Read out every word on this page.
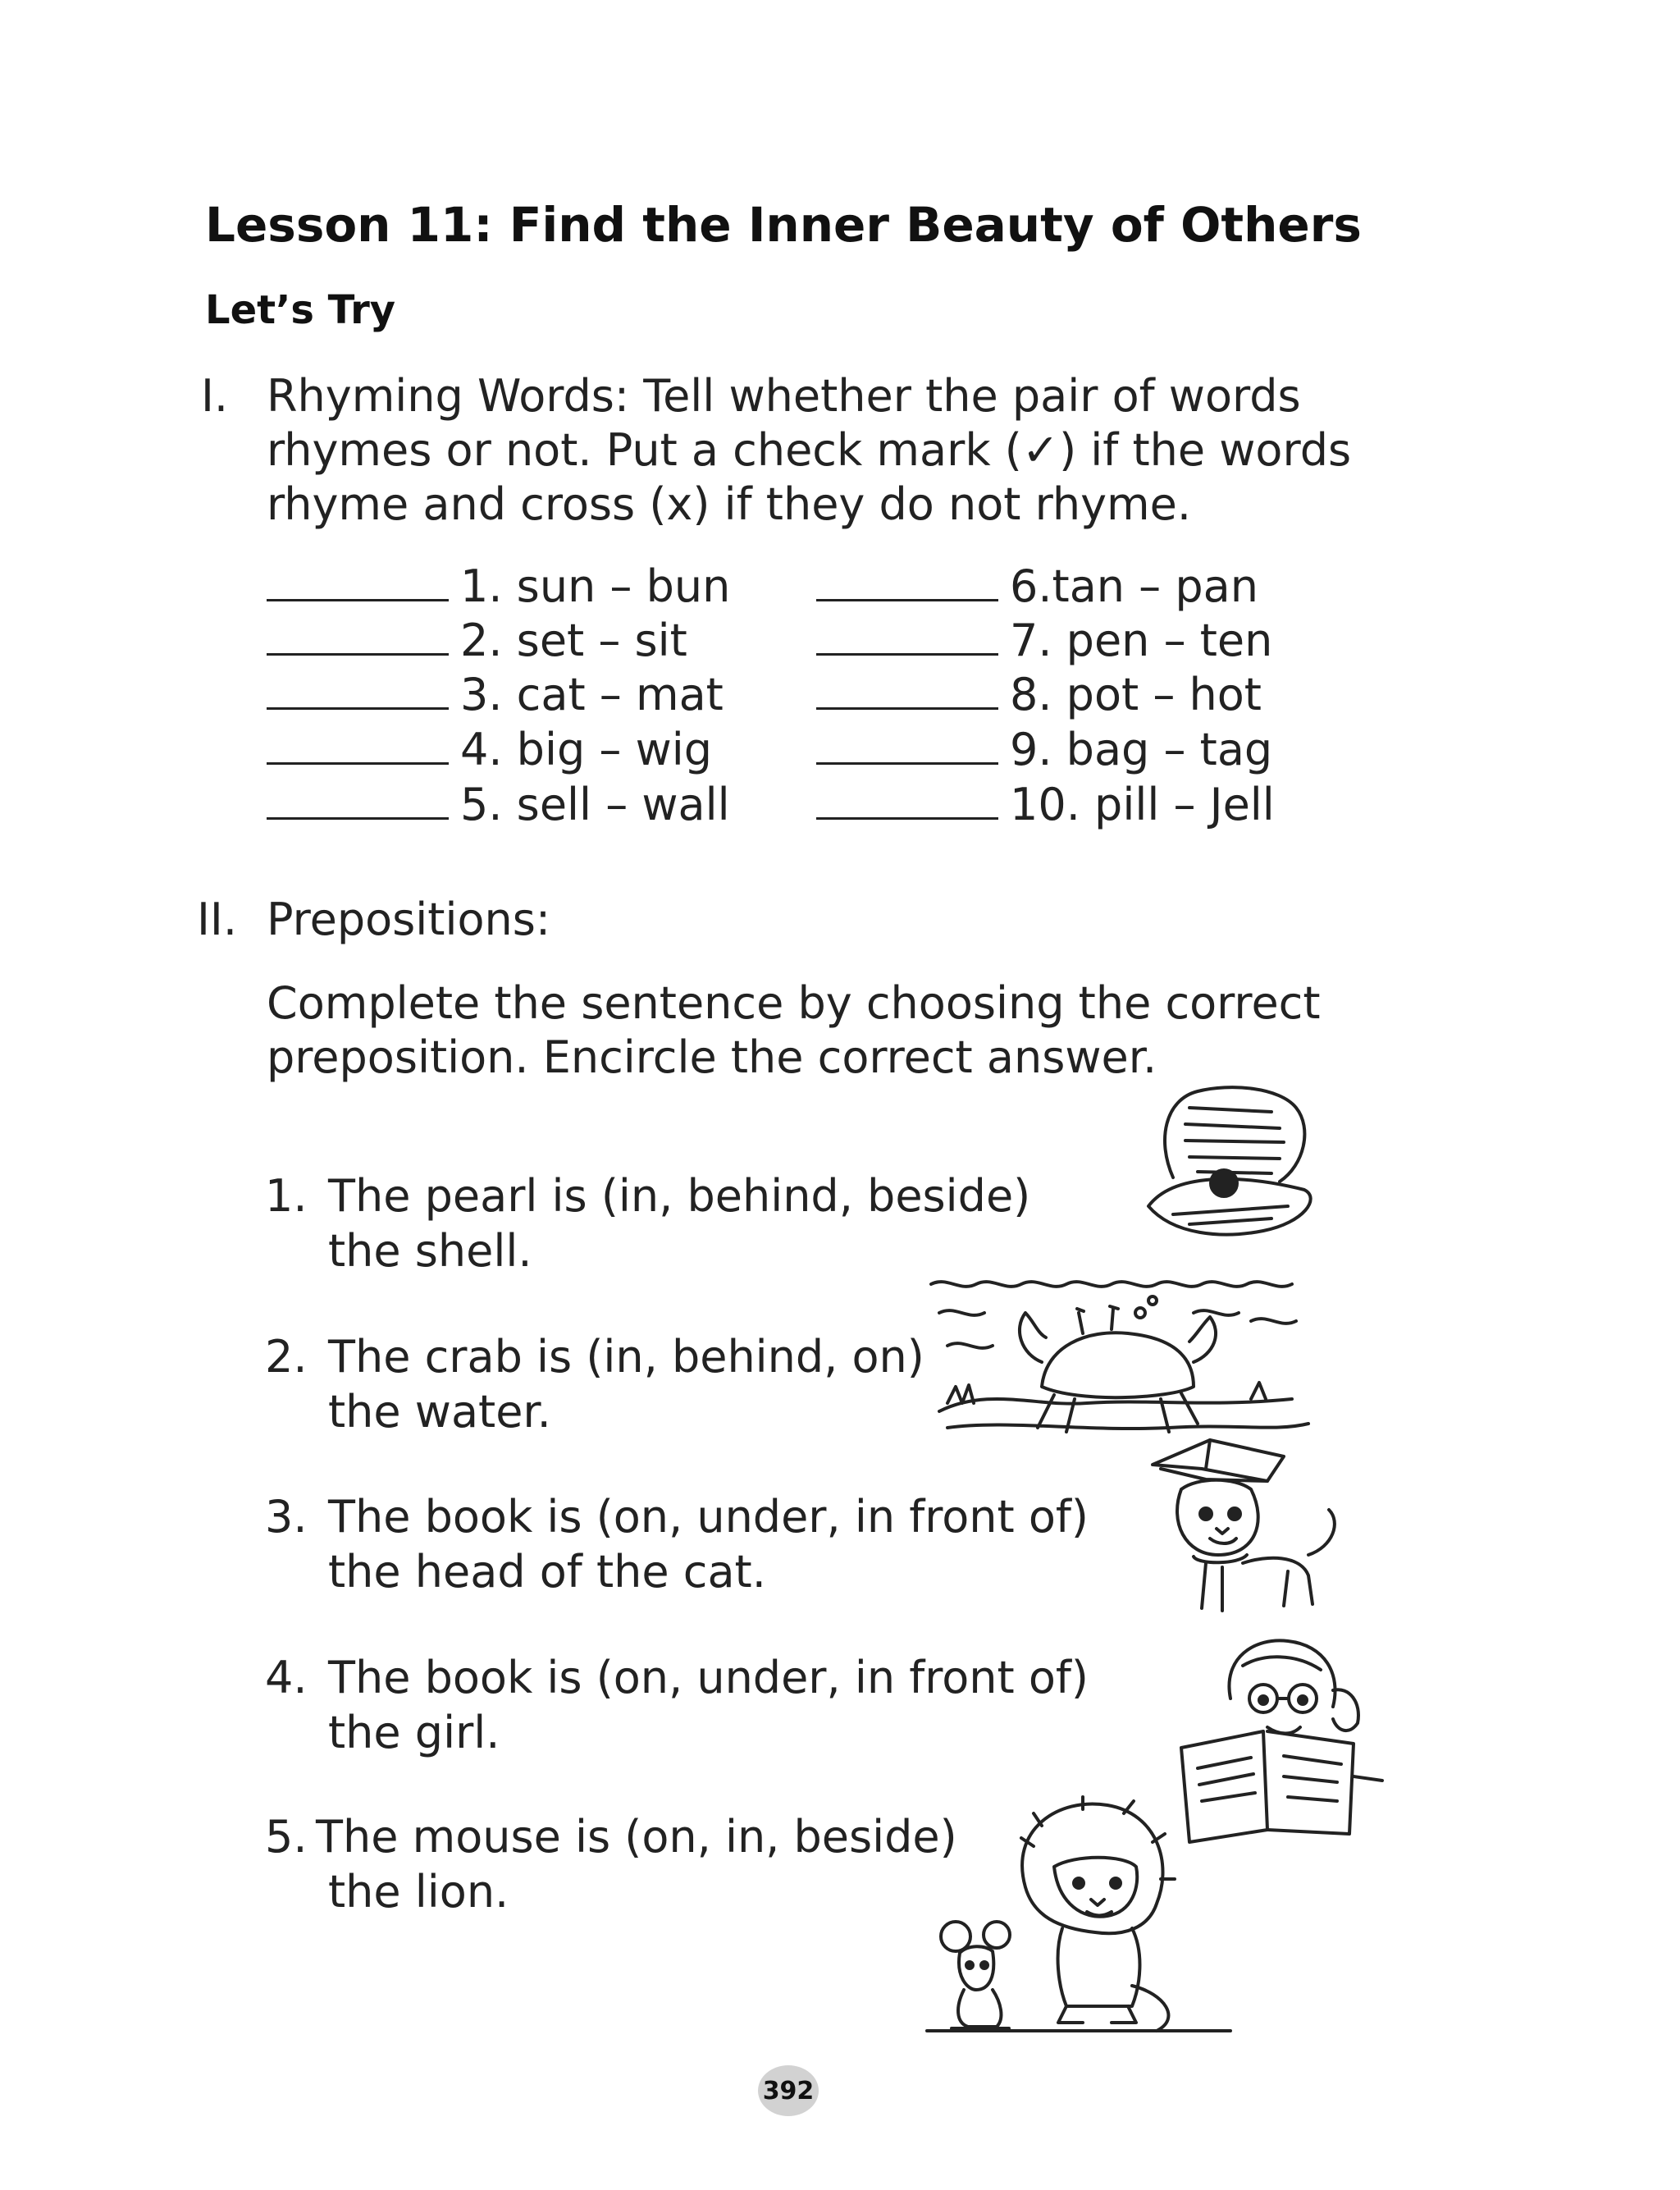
Lesson 11: Find the Inner Beauty of Others
Let’s Try
I. Rhyming Words: Tell whether the pair of words
rhymes or not. Put a check mark (✓) if the words
rhyme and cross (x) if they do not rhyme.
1. sun – bun
2. set – sit
3. cat – mat
4. big – wig
5. sell – wall
6.tan – pan
7. pen – ten
8. pot – hot
9. bag – tag
10. pill – Jell
II. Prepositions:
Complete the sentence by choosing the correct
preposition. Encircle the correct answer.
1. The pearl is (in, behind, beside)
the shell.
2. The crab is (in, behind, on)
the water.
3. The book is (on, under, in front of)
the head of the cat.
4. The book is (on, under, in front of)
the girl.
5. The mouse is (on, in, beside)
the lion.
392
